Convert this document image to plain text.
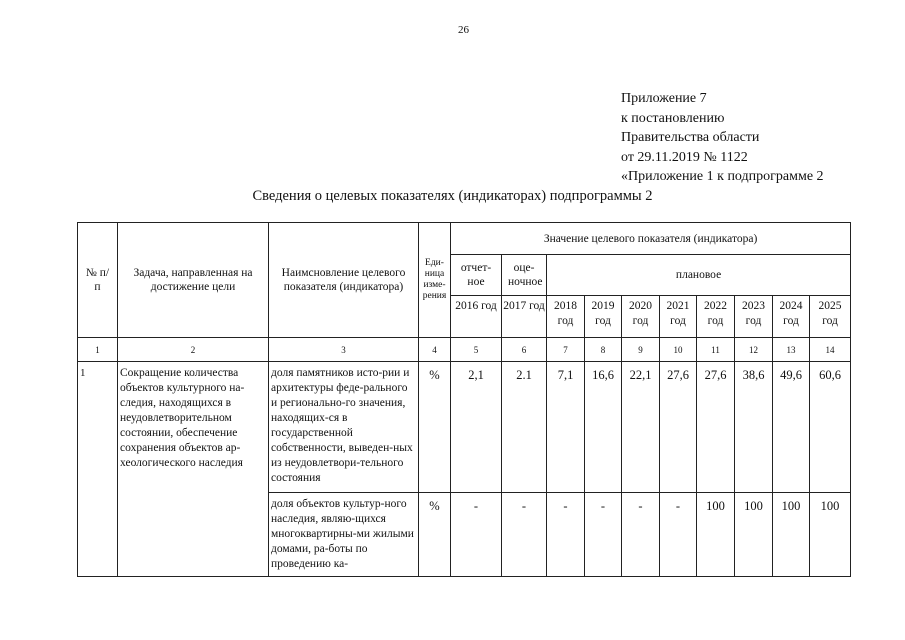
26
Приложение 7
к постановлению
Правительства области
от 29.11.2019 № 1122
«Приложение 1 к подпрограмме 2
Сведения о целевых показателях (индикаторах) подпрограммы 2
№ п/п	Задача, направленная на достижение цели	Наимсновление целевого показателя (индикатора)	Еди-ница изме-рения	Значение целевого показателя (индикатора)									
				отчет-ное	оце-ночное	плановое							
				2016 год	2017 год	2018 год	2019 год	2020 год	2021 год	2022 год	2023 год	2024 год	2025 год
1	2	3	4	5	6	7	8	9	10	11	12	13	14
1	Сокращение количества объектов культурного на-следия, находящихся в неудовлетворительном состоянии, обеспечение сохранения объектов ар-хеологического наследия	доля памятников исто-рии и архитектуры феде-рального и регионально-го значения, находящих-ся в государственной собственности, выведен-ных из неудовлетвори-тельного состояния	%	2,1	2.1	7,1	16,6	22,1	27,6	27,6	38,6	49,6	60,6
		доля объектов культур-ного наследия, являю-щихся многоквартирны-ми жилыми домами, ра-боты по проведению ка-	%	-	-	-	-	-	-	100	100	100	100
